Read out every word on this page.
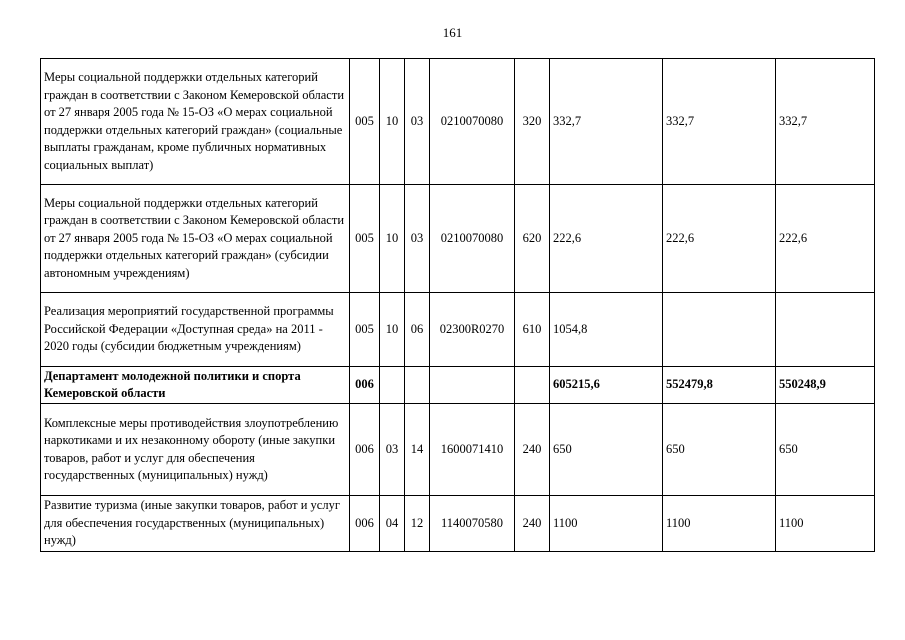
161
Меры социальной поддержки отдельных категорий граждан в соответствии с Законом Кемеровской области от 27 января 2005 года № 15-ОЗ «О мерах социальной поддержки отдельных категорий граждан» (социальные выплаты гражданам, кроме публичных нормативных социальных выплат)	005	10	03	0210070080	320	332,7	332,7	332,7
Меры социальной поддержки отдельных категорий граждан в соответствии с Законом Кемеровской области от 27 января 2005 года № 15-ОЗ «О мерах социальной поддержки отдельных категорий граждан» (субсидии автономным учреждениям)	005	10	03	0210070080	620	222,6	222,6	222,6
Реализация мероприятий государственной программы Российской Федерации «Доступная среда» на 2011 - 2020 годы (субсидии бюджетным учреждениям)	005	10	06	02300R0270	610	1054,8		
Департамент молодежной политики и спорта Кемеровской области	006					605215,6	552479,8	550248,9
Комплексные меры противодействия злоупотреблению наркотиками и их незаконному обороту (иные закупки товаров, работ и услуг для обеспечения государственных (муниципальных) нужд)	006	03	14	1600071410	240	650	650	650
Развитие туризма (иные закупки товаров, работ и услуг для обеспечения государственных (муниципальных) нужд)	006	04	12	1140070580	240	1100	1100	1100
